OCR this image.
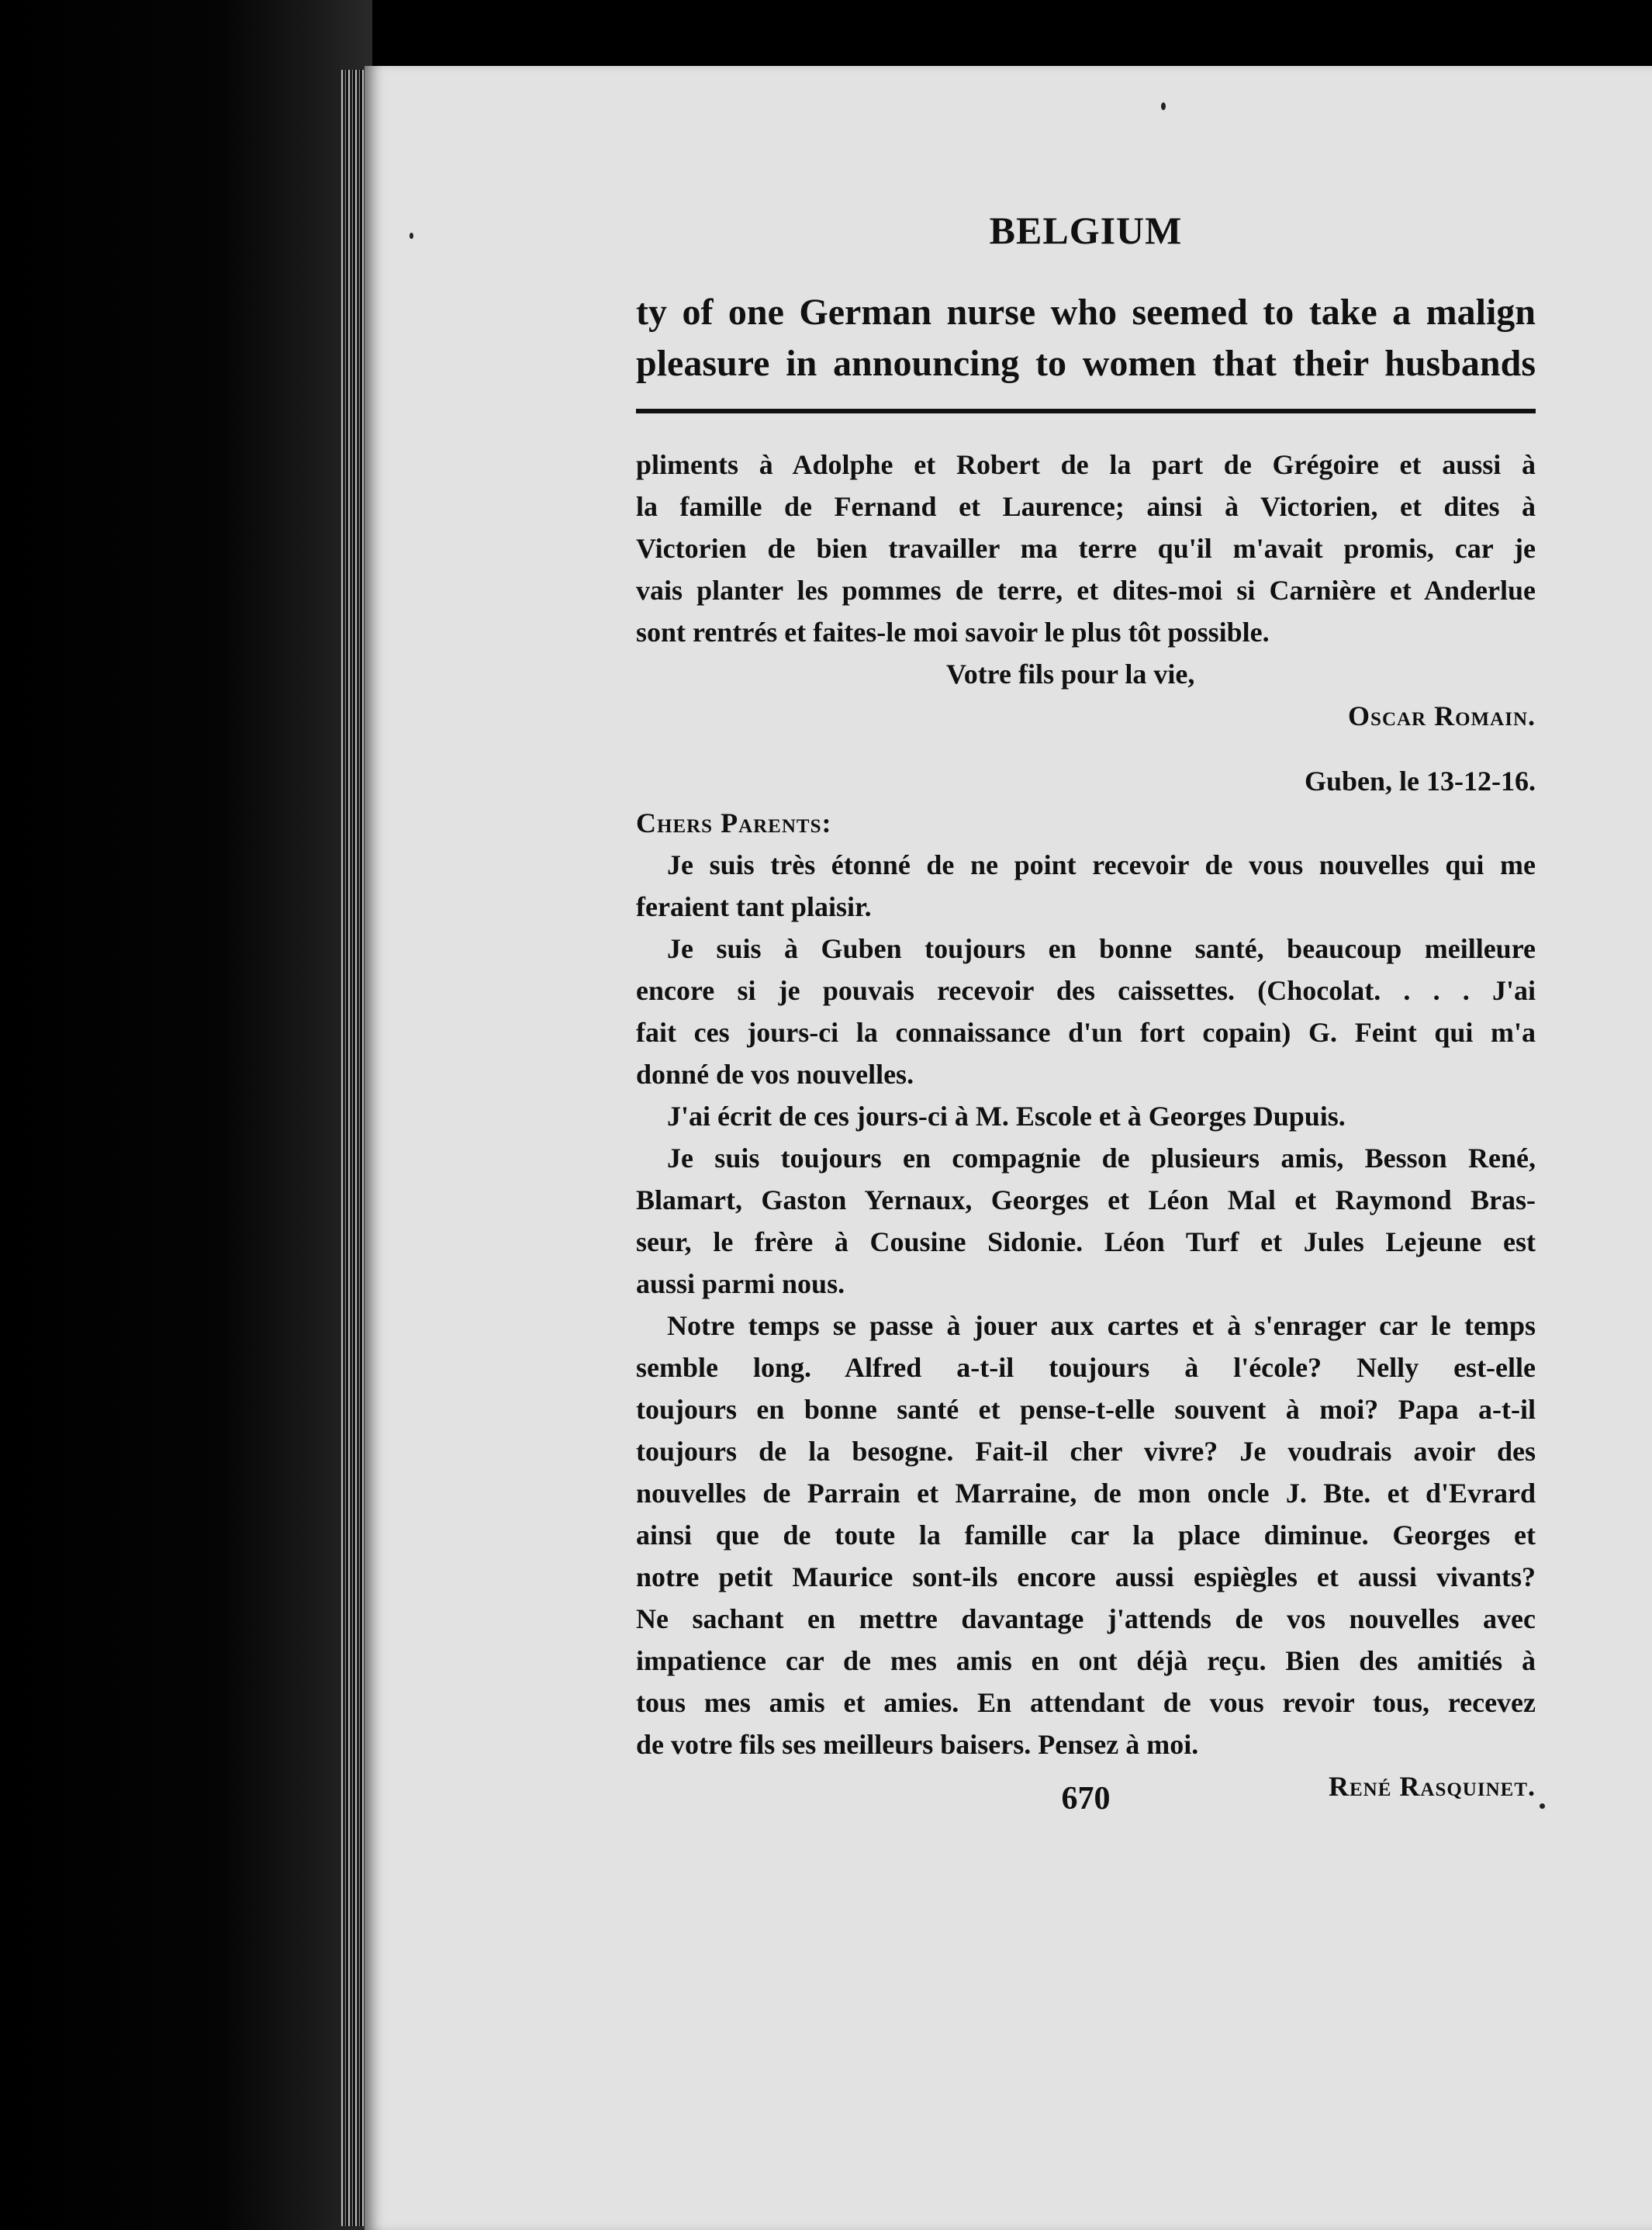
BELGIUM
ty of one German nurse who seemed to take a malign
pleasure in announcing to women that their husbands
pliments à Adolphe et Robert de la part de Grégoire et aussi à
la famille de Fernand et Laurence; ainsi à Victorien, et dites à
Victorien de bien travailler ma terre qu'il m'avait promis, car je
vais planter les pommes de terre, et dites-moi si Carnière et Anderlue
sont rentrés et faites-le moi savoir le plus tôt possible.
Votre fils pour la vie,
Oscar Romain.
Guben, le 13-12-16.
Chers Parents:
Je suis très étonné de ne point recevoir de vous nouvelles qui me
feraient tant plaisir.
Je suis à Guben toujours en bonne santé, beaucoup meilleure
encore si je pouvais recevoir des caissettes. (Chocolat. . . . J'ai
fait ces jours-ci la connaissance d'un fort copain) G. Feint qui m'a
donné de vos nouvelles.
J'ai écrit de ces jours-ci à M. Escole et à Georges Dupuis.
Je suis toujours en compagnie de plusieurs amis, Besson René,
Blamart, Gaston Yernaux, Georges et Léon Mal et Raymond Bras-
seur, le frère à Cousine Sidonie. Léon Turf et Jules Lejeune est
aussi parmi nous.
Notre temps se passe à jouer aux cartes et à s'enrager car le temps
semble long. Alfred a-t-il toujours à l'école? Nelly est-elle
toujours en bonne santé et pense-t-elle souvent à moi? Papa a-t-il
toujours de la besogne. Fait-il cher vivre? Je voudrais avoir des
nouvelles de Parrain et Marraine, de mon oncle J. Bte. et d'Evrard
ainsi que de toute la famille car la place diminue. Georges et
notre petit Maurice sont-ils encore aussi espiègles et aussi vivants?
Ne sachant en mettre davantage j'attends de vos nouvelles avec
impatience car de mes amis en ont déjà reçu. Bien des amitiés à
tous mes amis et amies. En attendant de vous revoir tous, recevez
de votre fils ses meilleurs baisers. Pensez à moi.
René Rasquinet.
670
